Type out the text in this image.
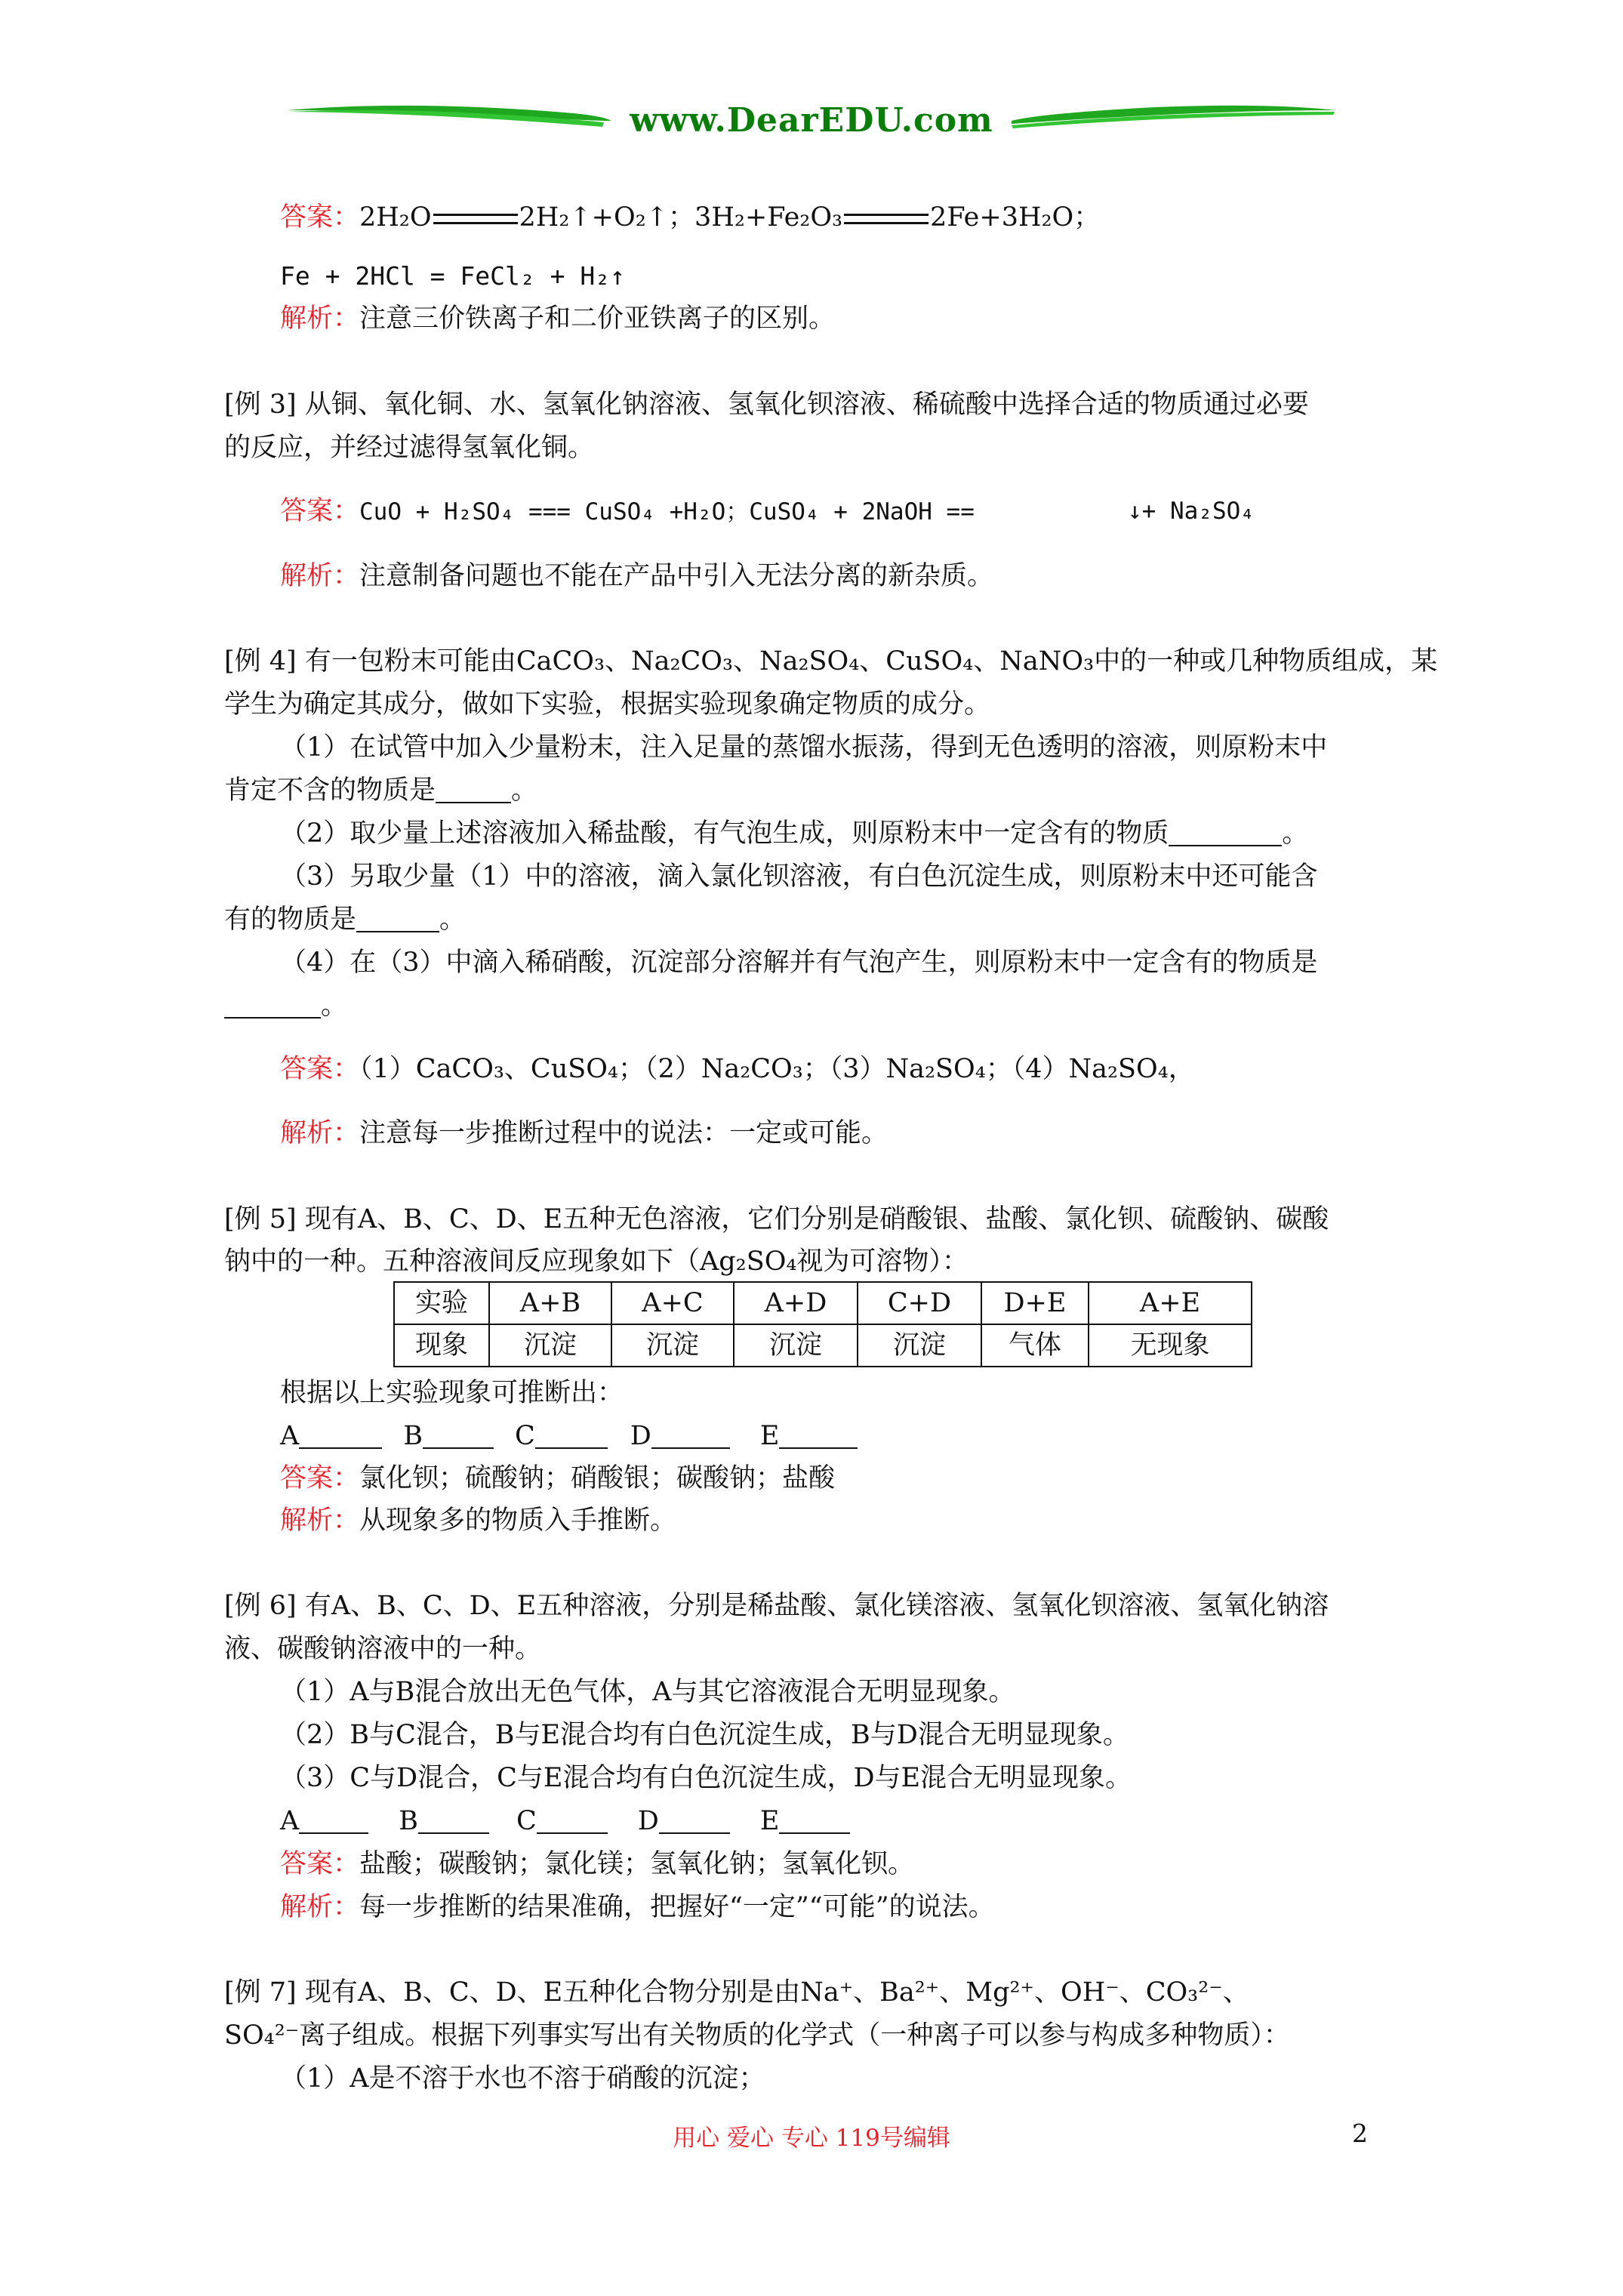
www.DearEDU.com
答案：2H₂O	2H₂↑+O₂↑；3H₂+Fe₂O₃	2Fe+3H₂O；
Fe + 2HCl = FeCl₂ + H₂↑
解析：注意三价铁离子和二价亚铁离子的区别。
[例 3] 从铜、氧化铜、水、氢氧化钠溶液、氢氧化钡溶液、稀硫酸中选择合适的物质通过必要
的反应，并经过滤得氢氧化铜。
答案：CuO + H₂SO₄ === CuSO₄ +H₂O；CuSO₄ + 2NaOH ==	↓+ Na₂SO₄
解析：注意制备问题也不能在产品中引入无法分离的新杂质。
[例 4] 有一包粉末可能由CaCO₃、Na₂CO₃、Na₂SO₄、CuSO₄、NaNO₃中的一种或几种物质组成，某
学生为确定其成分，做如下实验，根据实验现象确定物质的成分。
（1）在试管中加入少量粉末，注入足量的蒸馏水振荡，得到无色透明的溶液，则原粉末中
肯定不含的物质是	。
（2）取少量上述溶液加入稀盐酸，有气泡生成，则原粉末中一定含有的物质	。
（3）另取少量（1）中的溶液，滴入氯化钡溶液，有白色沉淀生成，则原粉末中还可能含
有的物质是	。
（4）在（3）中滴入稀硝酸，沉淀部分溶解并有气泡产生，则原粉末中一定含有的物质是
。
答案：（1）CaCO₃、CuSO₄；（2）Na₂CO₃；（3）Na₂SO₄；（4）Na₂SO₄，
解析：注意每一步推断过程中的说法：一定或可能。
[例 5] 现有A、B、C、D、E五种无色溶液，它们分别是硝酸银、盐酸、氯化钡、硫酸钠、碳酸
钠中的一种。五种溶液间反应现象如下（Ag₂SO₄视为可溶物）：
实验	A+B	A+C	A+D	C+D	D+E	A+E
现象	沉淀	沉淀	沉淀	沉淀	气体	无现象
根据以上实验现象可推断出：
A	B	C	D	E
答案：氯化钡；硫酸钠；硝酸银；碳酸钠；盐酸
解析：从现象多的物质入手推断。
[例 6] 有A、B、C、D、E五种溶液，分别是稀盐酸、氯化镁溶液、氢氧化钡溶液、氢氧化钠溶
液、碳酸钠溶液中的一种。
（1）A与B混合放出无色气体，A与其它溶液混合无明显现象。
（2）B与C混合，B与E混合均有白色沉淀生成，B与D混合无明显现象。
（3）C与D混合，C与E混合均有白色沉淀生成，D与E混合无明显现象。
A	B	C	D	E
答案：盐酸；碳酸钠；氯化镁；氢氧化钠；氢氧化钡。
解析：每一步推断的结果准确，把握好“一定”“可能”的说法。
[例 7] 现有A、B、C、D、E五种化合物分别是由Na⁺、Ba²⁺、Mg²⁺、OH⁻、CO₃²⁻、
SO₄²⁻离子组成。根据下列事实写出有关物质的化学式（一种离子可以参与构成多种物质）：
（1）A是不溶于水也不溶于硝酸的沉淀；
用心 爱心 专心 119号编辑	2
